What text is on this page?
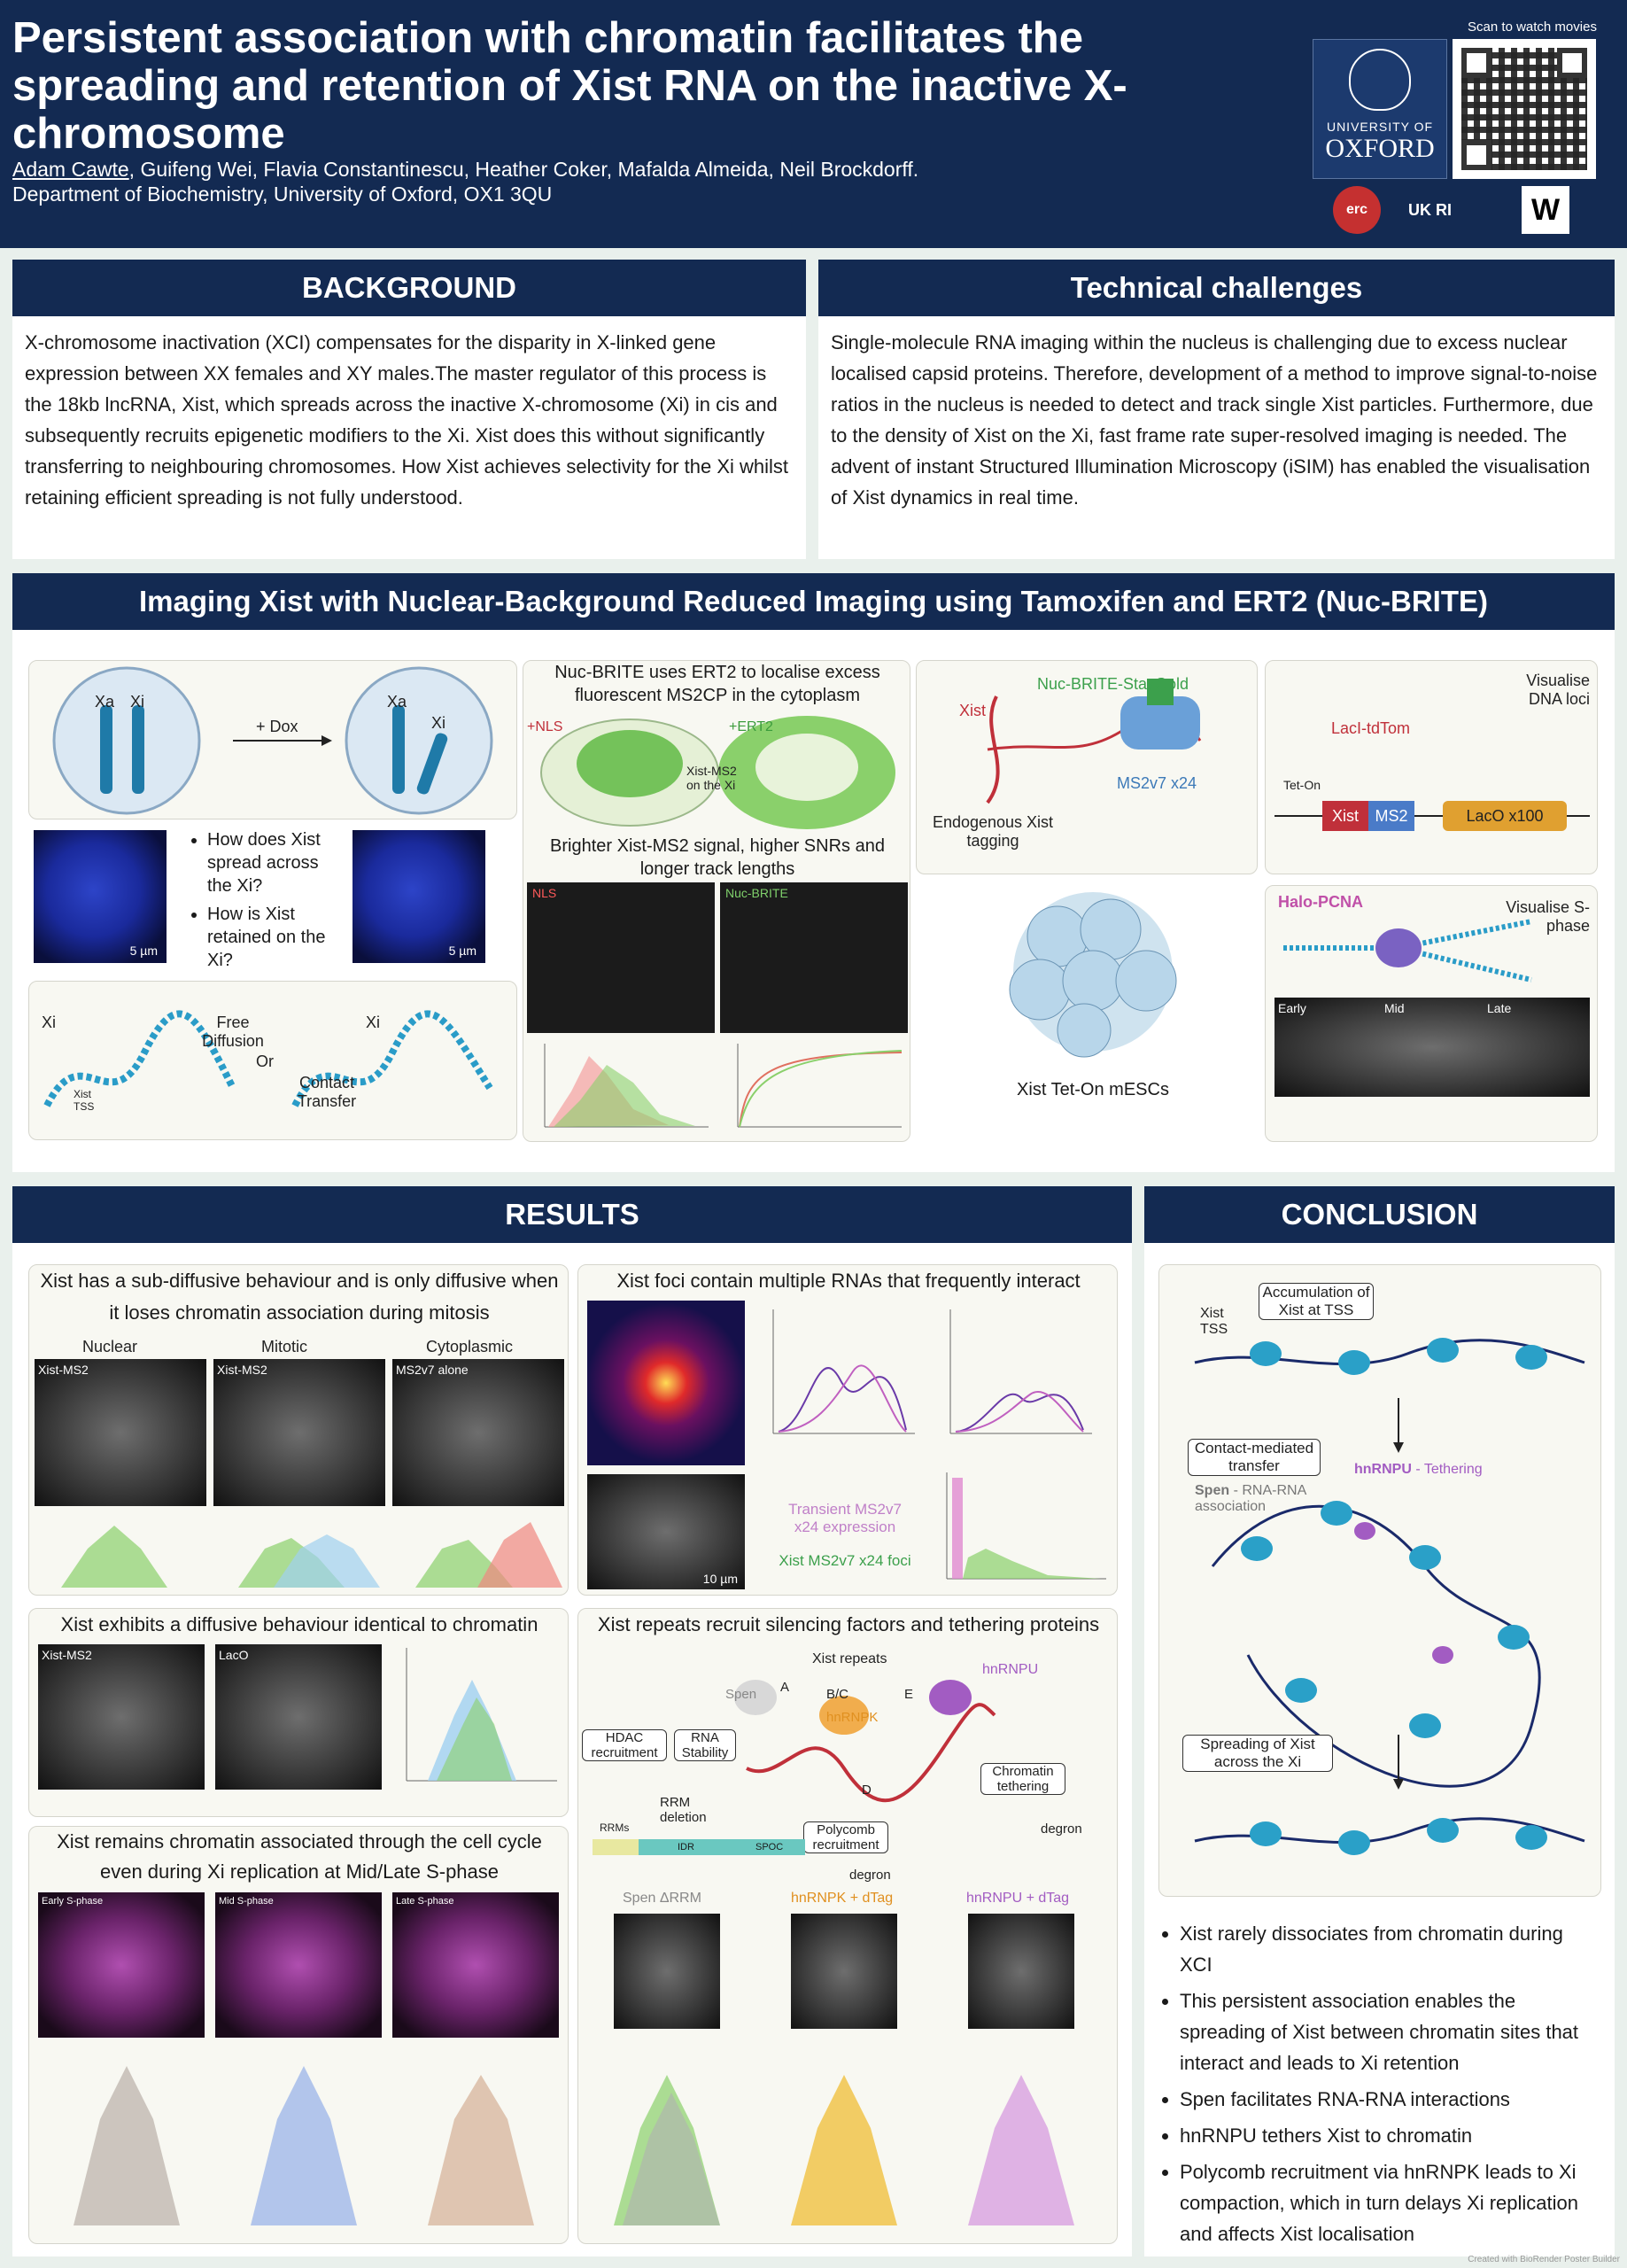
Persistent association with chromatin facilitates the spreading and retention of Xist RNA on the inactive X-chromosome
Adam Cawte, Guifeng Wei, Flavia Constantinescu, Heather Coker, Mafalda Almeida, Neil Brockdorff.
Department of Biochemistry, University of Oxford, OX1 3QU
Scan to watch movies
UNIVERSITY OF
OXFORD
erc	UK RI	W
BACKGROUND
X-chromosome inactivation (XCI) compensates for the disparity in X-linked gene expression between XX females and XY males.The master regulator of this process is the 18kb lncRNA, Xist, which spreads across the inactive X-chromosome (Xi) in cis and subsequently recruits epigenetic modifiers to the Xi. Xist does this without significantly transferring to neighbouring chromosomes. How Xist achieves selectivity for the Xi whilst retaining efficient spreading is not fully understood.
Technical challenges
Single-molecule RNA imaging within the nucleus is challenging due to excess nuclear localised capsid proteins. Therefore, development of a method to improve signal-to-noise ratios in the nucleus is needed to detect and track single Xist particles. Furthermore, due to the density of Xist on the Xi, fast frame rate super-resolved imaging is needed. The advent of instant Structured Illumination Microscopy (iSIM) has enabled the visualisation of Xist dynamics in real time.
Imaging Xist with Nuclear-Background Reduced Imaging using Tamoxifen and ERT2 (Nuc-BRITE)
Xa Xi
+ Dox
Xa
Xi
5 µm
• How does Xist spread across the Xi?
• How is Xist retained on the Xi?	5 µm
Xi
Xist TSS
Free Diffusion
Or
Xi
Contact Transfer
Nuc-BRITE uses ERT2 to localise excess fluorescent MS2CP in the cytoplasm
+NLS	+ERT2
Xist-MS2 on the Xi
Brighter Xist-MS2 signal, higher SNRs and longer track lengths
NLS	Nuc-BRITE
Nuc-BRITE-StayGold
Xist
MS2v7 x24
Endogenous Xist tagging
Xist Tet-On mESCs
Visualise DNA loci
LacI-tdTom
Tet-On
Xist	MS2	LacO x100
Halo-PCNA	Visualise S-phase
Early	Mid	Late
RESULTS
Xist has a sub-diffusive behaviour and is only diffusive when it loses chromatin association during mitosis
Nuclear	Mitotic	Cytoplasmic
Xist-MS2	Xist-MS2	MS2v7 alone
Xist foci contain multiple RNAs that frequently interact
10 µm
Transient MS2v7 x24 expression
Xist MS2v7 x24 foci
Xist exhibits a diffusive behaviour identical to chromatin
Xist-MS2	LacO
Xist remains chromatin associated through the cell cycle even during Xi replication at Mid/Late S-phase
Early S-phase	Mid S-phase	Late S-phase
Xist repeats recruit silencing factors and tethering proteins
Xist repeats
Spen A	B/C	E
D
hnRNPK
hnRNPU
HDAC recruitment
RNA Stability
RRM deletion
Polycomb recruitment
Chromatin tethering
degron
degron
RRMs
IDR	SPOC
Spen ΔRRM	hnRNPK + dTag	hnRNPU + dTag
CONCLUSION
Xist TSS
Accumulation of Xist at TSS
Contact-mediated transfer	hnRNPU - Tethering
Spen - RNA-RNA association
Spreading of Xist across the Xi
• Xist rarely dissociates from chromatin during XCI
• This persistent association enables the spreading of Xist between chromatin sites that interact and leads to Xi retention
• Spen facilitates RNA-RNA interactions
• hnRNPU tethers Xist to chromatin
• Polycomb recruitment via hnRNPK leads to Xi compaction, which in turn delays Xi replication and affects Xist localisation
Created with BioRender Poster Builder
